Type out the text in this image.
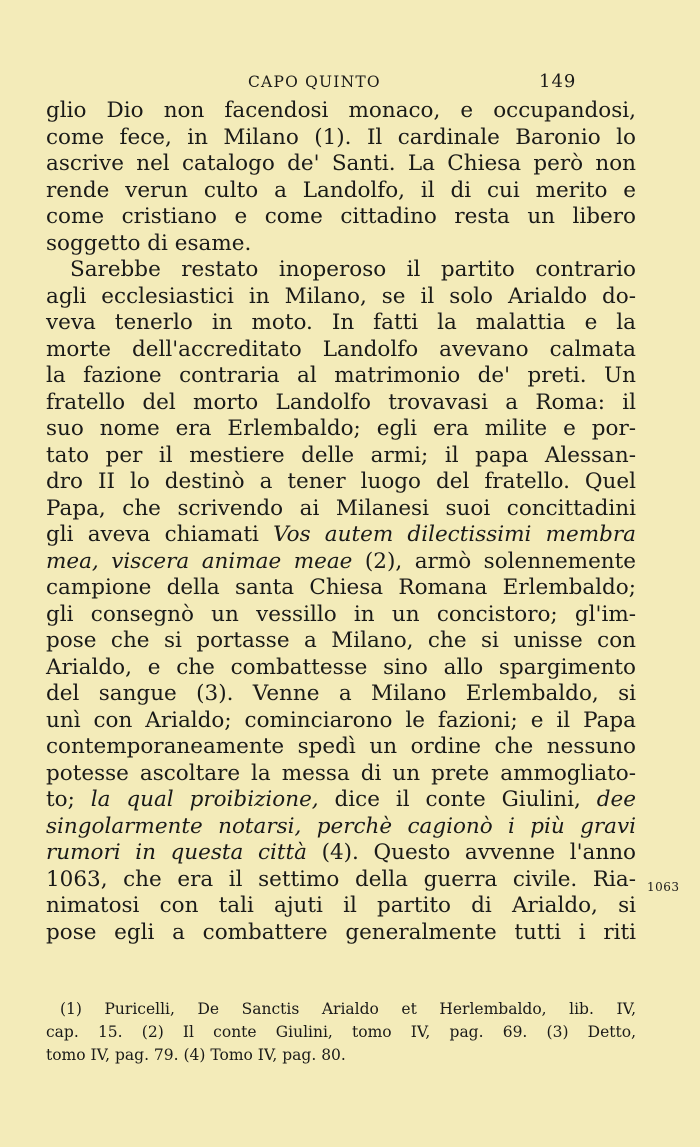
CAPO QUINTO	149
glio Dio non facendosi monaco, e occupandosi,
come fece, in Milano (1). Il cardinale Baronio lo
ascrive nel catalogo de' Santi. La Chiesa però non
rende verun culto a Landolfo, il di cui merito e
come cristiano e come cittadino resta un libero
soggetto di esame.
Sarebbe restato inoperoso il partito contrario
agli ecclesiastici in Milano, se il solo Arialdo do-
veva tenerlo in moto. In fatti la malattia e la
morte dell'accreditato Landolfo avevano calmata
la fazione contraria al matrimonio de' preti. Un
fratello del morto Landolfo trovavasi a Roma: il
suo nome era Erlembaldo; egli era milite e por-
tato per il mestiere delle armi; il papa Alessan-
dro II lo destinò a tener luogo del fratello. Quel
Papa, che scrivendo ai Milanesi suoi concittadini
gli aveva chiamati Vos autem dilectissimi membra
mea, viscera animae meae (2), armò solennemente
campione della santa Chiesa Romana Erlembaldo;
gli consegnò un vessillo in un concistoro; gl'im-
pose che si portasse a Milano, che si unisse con
Arialdo, e che combattesse sino allo spargimento
del sangue (3). Venne a Milano Erlembaldo, si
unì con Arialdo; cominciarono le fazioni; e il Papa
contemporaneamente spedì un ordine che nessuno
potesse ascoltare la messa di un prete ammogliato-
to; la qual proibizione, dice il conte Giulini, dee
singolarmente notarsi, perchè cagionò i più gravi
rumori in questa città (4). Questo avvenne l'anno
1063, che era il settimo della guerra civile. Ria-
nimatosi con tali ajuti il partito di Arialdo, si
pose egli a combattere generalmente tutti i riti
1063
(1) Puricelli, De Sanctis Arialdo et Herlembaldo, lib. IV,
cap. 15. (2) Il conte Giulini, tomo IV, pag. 69. (3) Detto,
tomo IV, pag. 79. (4) Tomo IV, pag. 80.
